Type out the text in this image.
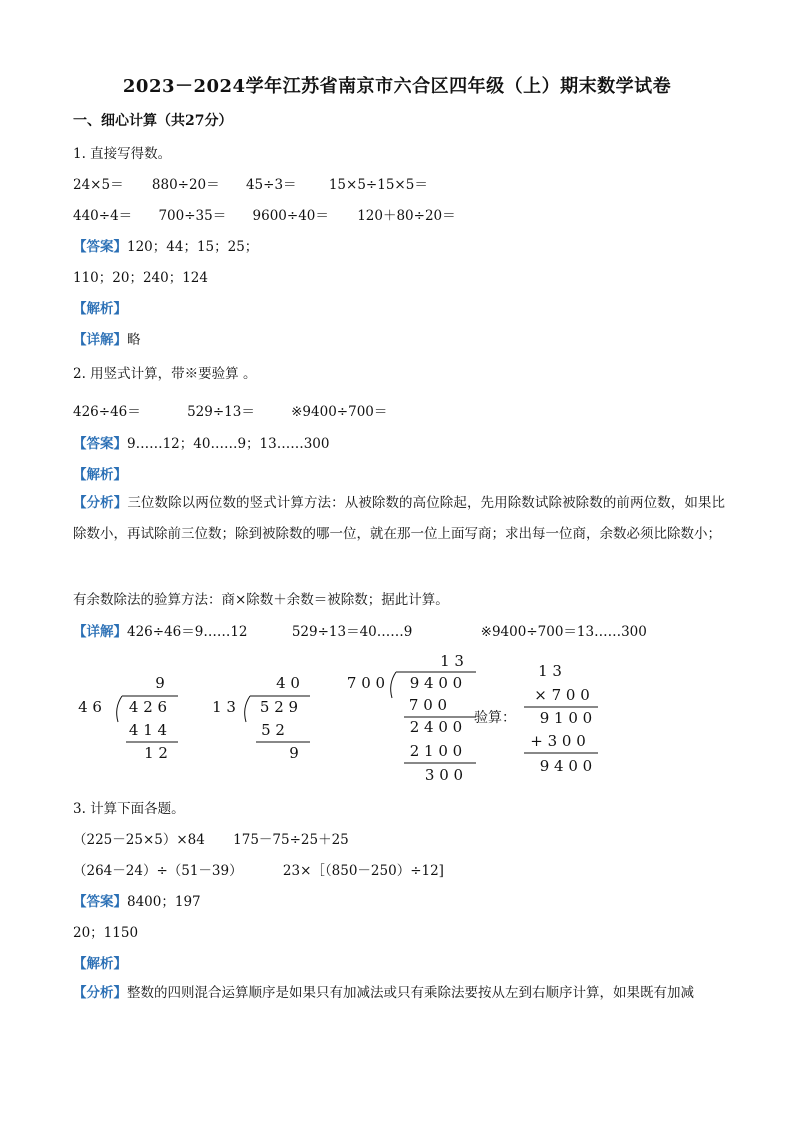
2023－2024学年江苏省南京市六合区四年级（上）期末数学试卷
一、细心计算（共27分）
1. 直接写得数。
24×5＝ 880÷20＝ 45÷3＝ 15×5÷15×5＝
440÷4＝ 700÷35＝ 9600÷40＝ 120＋80÷20＝
【答案】120；44；15；25；
110；20；240；124
【解析】
【详解】略
2. 用竖式计算，带※要验算 。
426÷46＝	529÷13＝	※9400÷700＝
【答案】9……12；40……9；13……300
【解析】
【分析】三位数除以两位数的竖式计算方法：从被除数的高位除起，先用除数试除被除数的前两位数，如果比除数小，再试除前三位数；除到被除数的哪一位，就在那一位上面写商；求出每一位商，余数必须比除数小；
有余数除法的验算方法：商×除数＋余数＝被除数；据此计算。
【详解】426÷46＝9……12	529÷13＝40……9	※9400÷700＝13……300
9
4 6 4 2 6
4 1 4
1 2
4 0
1 3 5 2 9
5 2
9
1 3
7 0 0 9 4 0 0
7 0 0
2 4 0 0
2 1 0 0
3 0 0
验算：
1 3
× 7 0 0
9 1 0 0
+ 3 0 0
9 4 0 0
3. 计算下面各题。
（225－25×5）×84 175－75÷25＋25
（264－24）÷（51－39）	23×［（850－250）÷12]
【答案】8400；197
20；1150
【解析】
【分析】整数的四则混合运算顺序是如果只有加减法或只有乘除法要按从左到右顺序计算，如果既有加减
